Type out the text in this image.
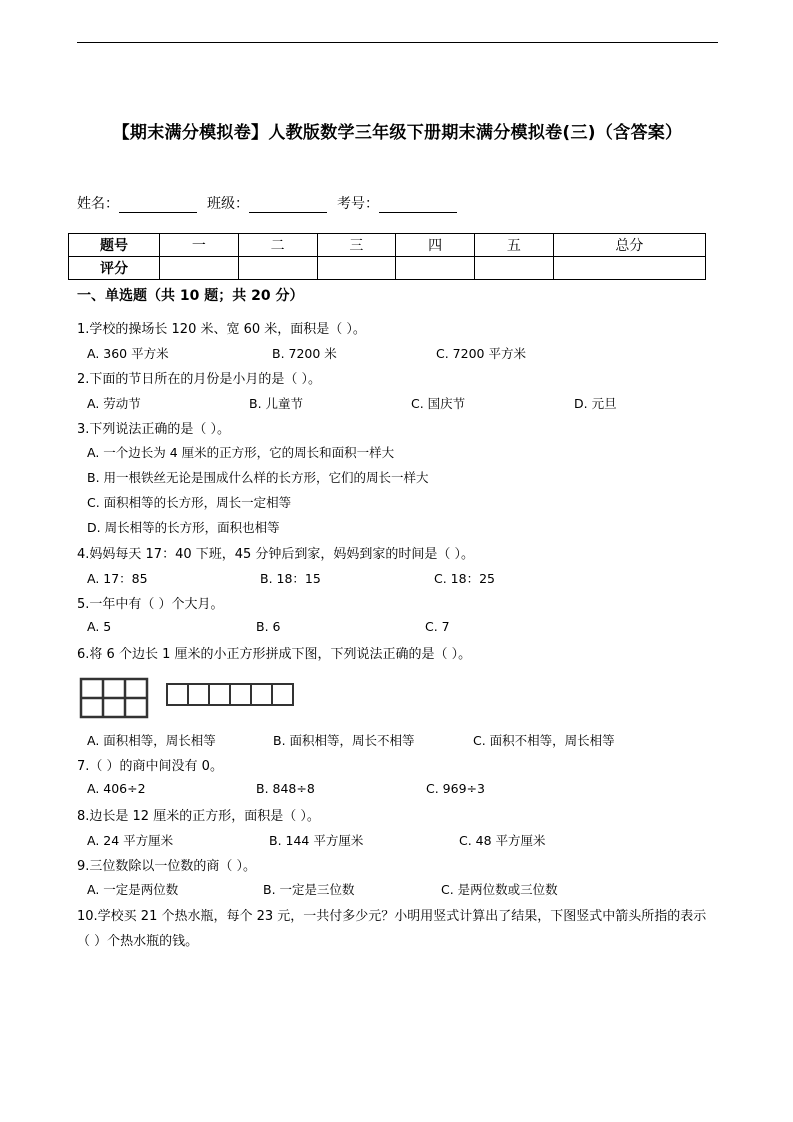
【期末满分模拟卷】人教版数学三年级下册期末满分模拟卷(三)（含答案）
姓名：	班级：	考号：
题号	一	二	三	四	五	总分
评分						
一、单选题（共 10 题；共 20 分）
1.学校的操场长 120 米、宽 60 米，面积是（ ）。
A. 360 平方米	B. 7200 米	C. 7200 平方米
2.下面的节日所在的月份是小月的是（ ）。
A. 劳动节	B. 儿童节	C. 国庆节	D. 元旦
3.下列说法正确的是（ ）。
A. 一个边长为 4 厘米的正方形，它的周长和面积一样大
B. 用一根铁丝无论是围成什么样的长方形，它们的周长一样大
C. 面积相等的长方形，周长一定相等
D. 周长相等的长方形，面积也相等
4.妈妈每天 17：40 下班，45 分钟后到家，妈妈到家的时间是（ ）。
A. 17：85	B. 18：15	C. 18：25
5.一年中有（ ）个大月。
A. 5	B. 6	C. 7
6.将 6 个边长 1 厘米的小正方形拼成下图，下列说法正确的是（ ）。
A. 面积相等，周长相等	B. 面积相等，周长不相等	C. 面积不相等，周长相等
7.（ ）的商中间没有 0。
A. 406÷2	B. 848÷8	C. 969÷3
8.边长是 12 厘米的正方形，面积是（ ）。
A. 24 平方厘米	B. 144 平方厘米	C. 48 平方厘米
9.三位数除以一位数的商（ ）。
A. 一定是两位数	B. 一定是三位数	C. 是两位数或三位数
10.学校买 21 个热水瓶，每个 23 元，一共付多少元？小明用竖式计算出了结果，下图竖式中箭头所指的表示（ ）个热水瓶的钱。
